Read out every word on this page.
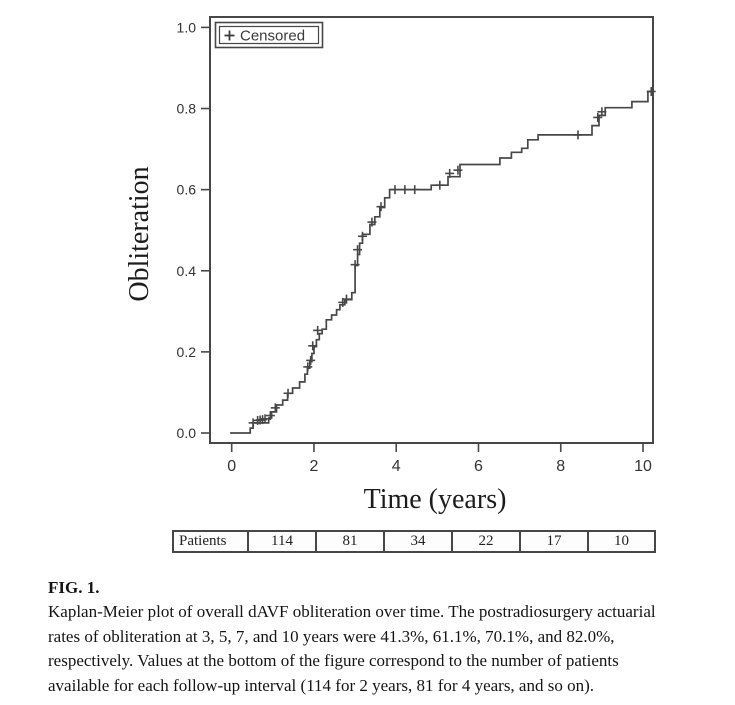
1.0
0.8
0.6
0.4
0.2
0.0
0	2	4	6	8	10
Censored
Obliteration
Time (years)
Patients	114	81	34	22	17	10
FIG. 1.
Kaplan-Meier plot of overall dAVF obliteration over time. The postradiosurgery actuarial
rates of obliteration at 3, 5, 7, and 10 years were 41.3%, 61.1%, 70.1%, and 82.0%,
respectively. Values at the bottom of the figure correspond to the number of patients
available for each follow-up interval (114 for 2 years, 81 for 4 years, and so on).
